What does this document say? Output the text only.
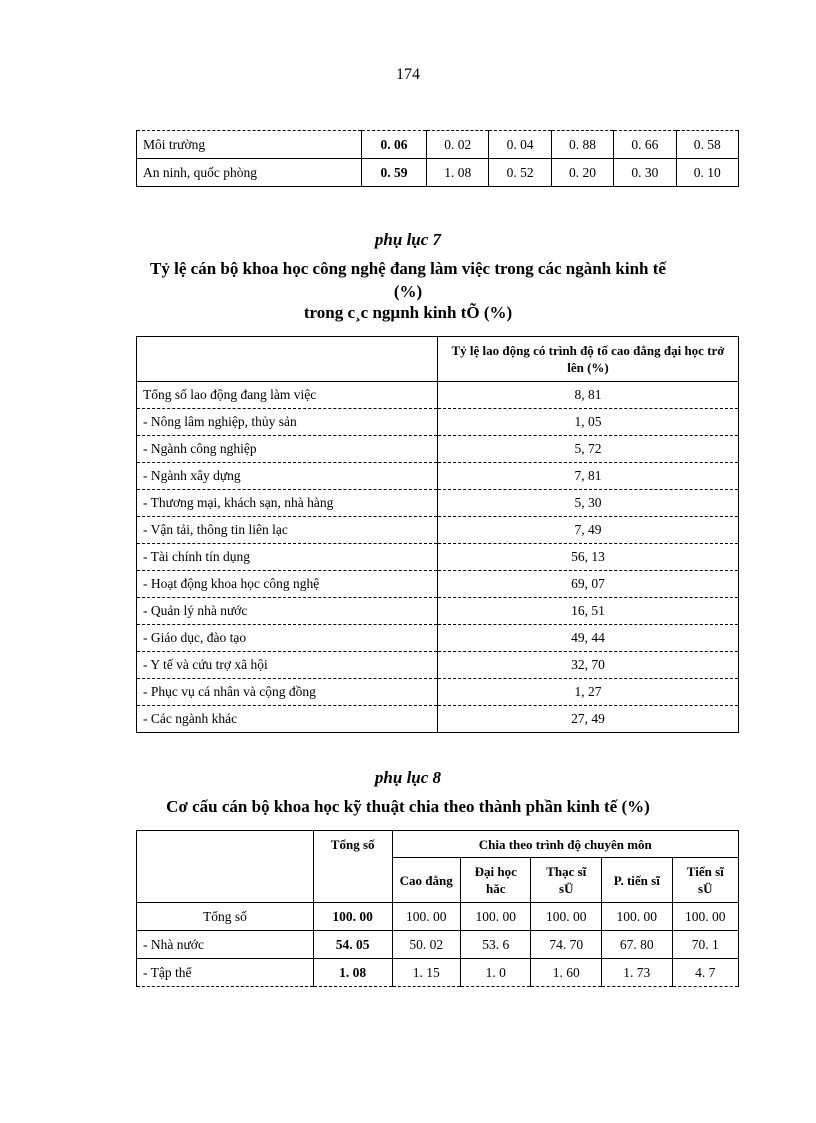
174
Môi trường	0. 06	0. 02	0. 04	0. 88	0. 66	0. 58
An ninh, quốc phòng	0. 59	1. 08	0. 52	0. 20	0. 30	0. 10
phụ lục 7
Tỷ lệ cán bộ khoa học công nghệ đang làm việc trong các ngành kinh tế
(%)
trong c¸c ngµnh kinh tÕ (%)
	Tỷ lệ lao động có trình độ tố cao đẳng đại học trở lên (%)
Tổng số lao động đang làm việc	8, 81
- Nông lâm nghiệp, thủy sản	1, 05
- Ngành công nghiệp	5, 72
- Ngành xây dựng	7, 81
- Thương mại, khách sạn, nhà hàng	5, 30
- Vận tải, thông tin liên lạc	7, 49
- Tài chính tín dụng	56, 13
- Hoạt động khoa học công nghệ	69, 07
- Quản lý nhà nước	16, 51
- Giáo dục, đào tạo	49, 44
- Y tế và cứu trợ xã hội	32, 70
- Phục vụ cá nhân và cộng đồng	1, 27
- Các ngành khác	27, 49
phụ lục 8
Cơ cấu cán bộ khoa học kỹ thuật chia theo thành phần kinh tế (%)
	Tổng số	Chia theo trình độ chuyên môn				
		Cao đẳng	Đại học hăc	Thạc sĩ sÜ	P. tiến sĩ	Tiến sĩ sÜ
Tổng số	100. 00	100. 00	100. 00	100. 00	100. 00	100. 00
- Nhà nước	54. 05	50. 02	53. 6	74. 70	67. 80	70. 1
- Tập thể	1. 08	1. 15	1. 0	1. 60	1. 73	4. 7
